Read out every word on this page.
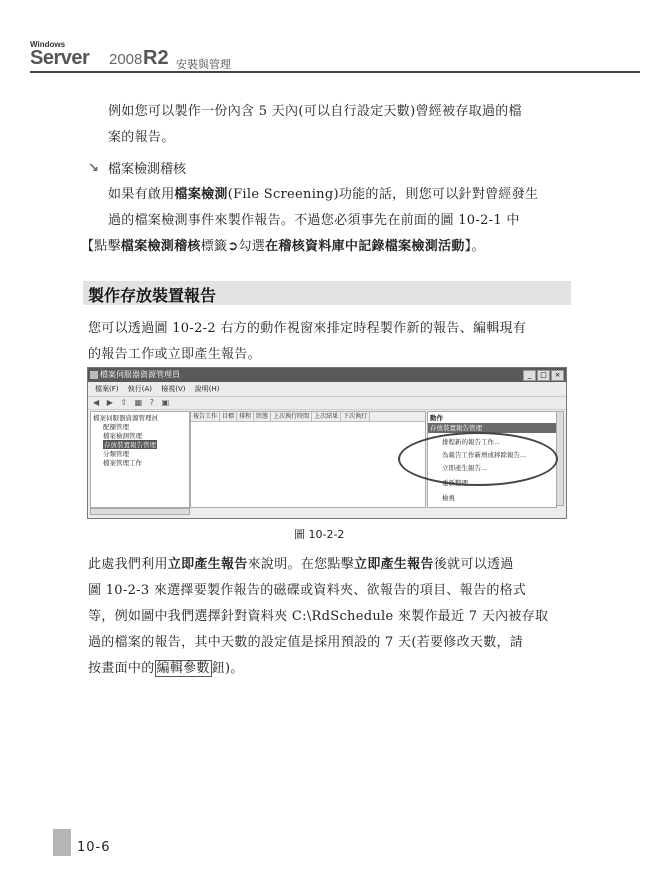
Windows
Server 2008 R2 安裝與管理
例如您可以製作一份內含 5 天內(可以自行設定天數)曾經被存取過的檔
案的報告。
↘ 檔案檢測稽核
如果有啟用檔案檢測(File Screening)功能的話，則您可以針對曾經發生
過的檔案檢測事件來製作報告。不過您必須事先在前面的圖 10-2-1 中
【點擊檔案檢測稽核標籤➲勾選在稽核資料庫中記錄檔案檢測活動】。
製作存放裝置報告
您可以透過圖 10-2-2 右方的動作視窗來排定時程製作新的報告、編輯現有
的報告工作或立即產生報告。
檔案伺服器資源管理員	_	□	×
檔案(F) 執行(A) 檢視(V) 說明(H)
◀ ▶ ⇧ ▦ ? ▣
檔案伺服器資源管理員
配額管理
檔案檢測管理
存放裝置報告管理
分類管理
檔案管理工作
報告工作 目標 排程 狀態 上次執行時間 上次結果 下次執行	動作
存放裝置報告管理
排程新的報告工作...
為報告工作新增或移除報告...
立即產生報告...
重新整理
檢視
圖 10-2-2
此處我們利用立即產生報告來說明。在您點擊立即產生報告後就可以透過
圖 10-2-3 來選擇要製作報告的磁碟或資料夾、欲報告的項目、報告的格式
等，例如圖中我們選擇針對資料夾 C:\RdSchedule 來製作最近 7 天內被存取
過的檔案的報告，其中天數的設定值是採用預設的 7 天(若要修改天數，請
按畫面中的 編輯參數 鈕)。
10-6
